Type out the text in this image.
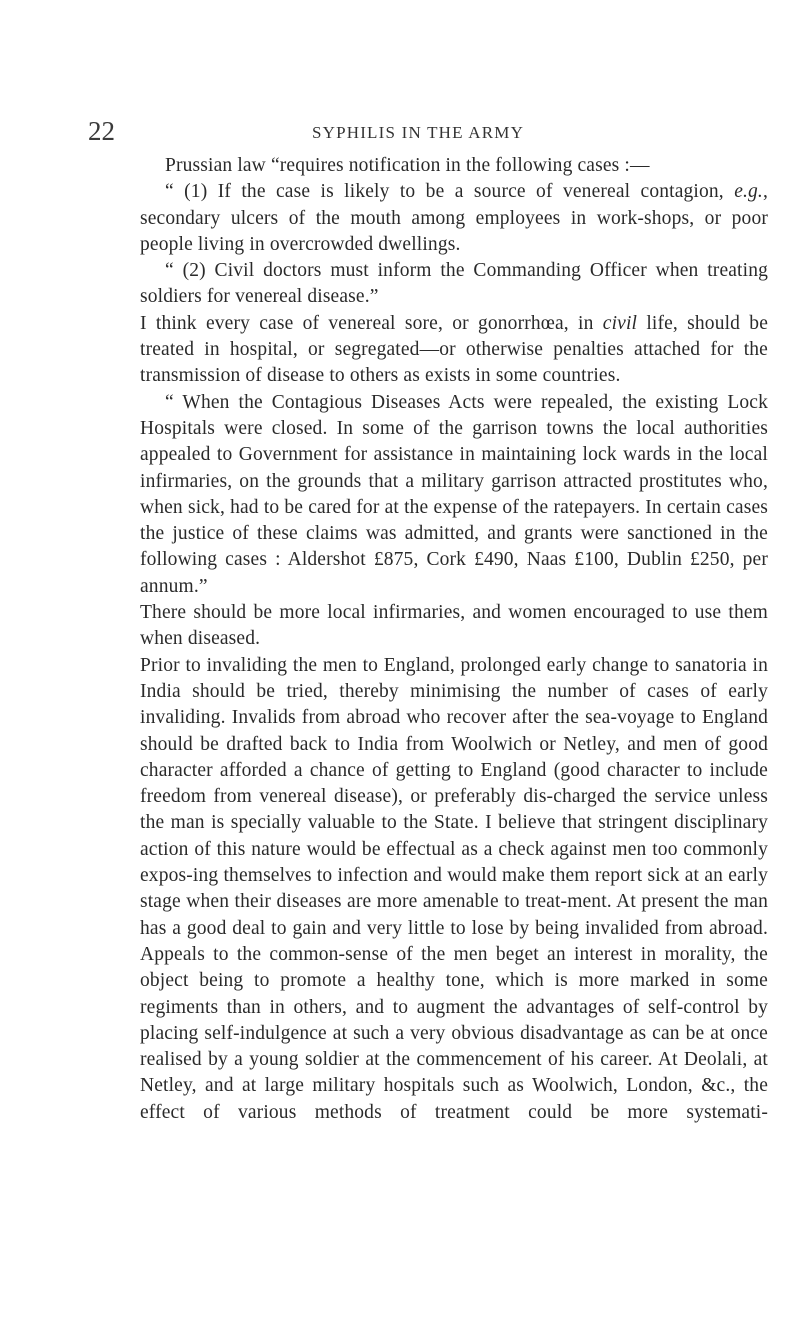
22	SYPHILIS IN THE ARMY

Prussian law “requires notification in the following cases :—

“ (1) If the case is likely to be a source of venereal contagion, e.g., secondary ulcers of the mouth among employees in work-shops, or poor people living in overcrowded dwellings.

“ (2) Civil doctors must inform the Commanding Officer when treating soldiers for venereal disease.”

I think every case of venereal sore, or gonorrhœa, in civil life, should be treated in hospital, or segregated—or otherwise penalties attached for the transmission of disease to others as exists in some countries.

“ When the Contagious Diseases Acts were repealed, the existing Lock Hospitals were closed. In some of the garrison towns the local authorities appealed to Government for assistance in maintaining lock wards in the local infirmaries, on the grounds that a military garrison attracted prostitutes who, when sick, had to be cared for at the expense of the ratepayers. In certain cases the justice of these claims was admitted, and grants were sanctioned in the following cases : Aldershot £875, Cork £490, Naas £100, Dublin £250, per annum.”

There should be more local infirmaries, and women encouraged to use them when diseased.

Prior to invaliding the men to England, prolonged early change to sanatoria in India should be tried, thereby minimising the number of cases of early invaliding. Invalids from abroad who recover after the sea-voyage to England should be drafted back to India from Woolwich or Netley, and men of good character afforded a chance of getting to England (good character to include freedom from venereal disease), or preferably dis-charged the service unless the man is specially valuable to the State. I believe that stringent disciplinary action of this nature would be effectual as a check against men too commonly expos-ing themselves to infection and would make them report sick at an early stage when their diseases are more amenable to treat-ment. At present the man has a good deal to gain and very little to lose by being invalided from abroad. Appeals to the common-sense of the men beget an interest in morality, the object being to promote a healthy tone, which is more marked in some regiments than in others, and to augment the advantages of self-control by placing self-indulgence at such a very obvious disadvantage as can be at once realised by a young soldier at the commencement of his career. At Deolali, at Netley, and at large military hospitals such as Woolwich, London, &c., the effect of various methods of treatment could be more systemati-
